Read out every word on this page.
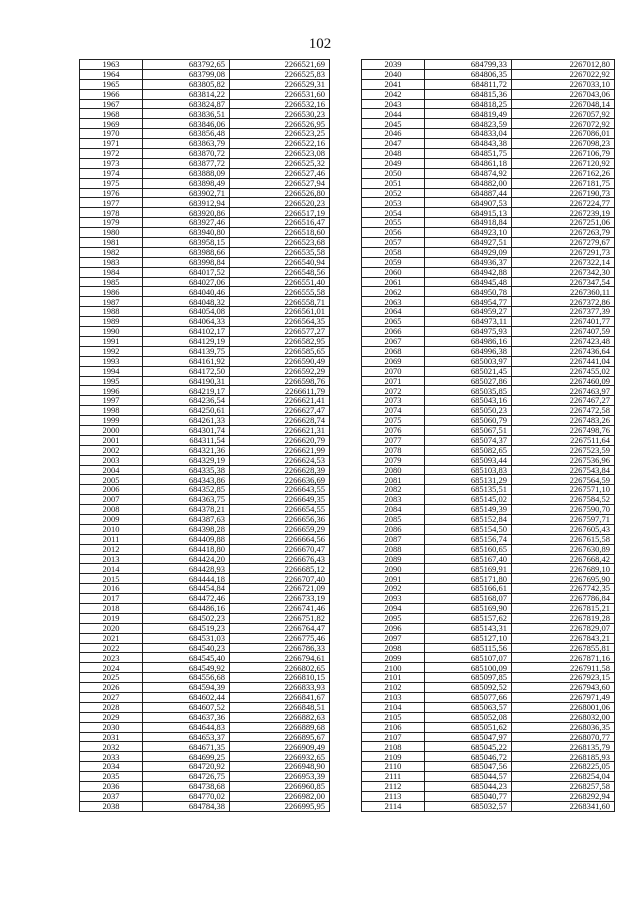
102
1963	683792,65	2266521,69
1964	683799,08	2266525,83
1965	683805,82	2266529,31
1966	683814,22	2266531,60
1967	683824,87	2266532,16
1968	683836,51	2266530,23
1969	683846,06	2266526,95
1970	683856,48	2266523,25
1971	683863,79	2266522,16
1972	683870,72	2266523,08
1973	683877,72	2266525,32
1974	683888,09	2266527,46
1975	683898,49	2266527,94
1976	683902,71	2266526,80
1977	683912,94	2266520,23
1978	683920,86	2266517,19
1979	683927,46	2266516,47
1980	683940,80	2266518,60
1981	683958,15	2266523,68
1982	683988,66	2266535,58
1983	683998,84	2266540,94
1984	684017,52	2266548,56
1985	684027,06	2266551,40
1986	684040,46	2266555,58
1987	684048,32	2266558,71
1988	684054,08	2266561,01
1989	684064,33	2266564,35
1990	684102,17	2266577,27
1991	684129,19	2266582,95
1992	684139,75	2266585,65
1993	684161,92	2266590,49
1994	684172,50	2266592,29
1995	684190,31	2266598,76
1996	684219,17	2266611,79
1997	684236,54	2266621,41
1998	684250,61	2266627,47
1999	684261,33	2266628,74
2000	684301,74	2266621,31
2001	684311,54	2266620,79
2002	684321,36	2266621,99
2003	684329,19	2266624,53
2004	684335,38	2266628,39
2005	684343,86	2266636,69
2006	684352,85	2266643,55
2007	684363,75	2266649,35
2008	684378,21	2266654,55
2009	684387,63	2266656,36
2010	684398,28	2266659,29
2011	684409,88	2266664,56
2012	684418,80	2266670,47
2013	684424,20	2266676,43
2014	684428,93	2266685,12
2015	684444,18	2266707,40
2016	684454,84	2266721,09
2017	684472,46	2266733,19
2018	684486,16	2266741,46
2019	684502,23	2266751,82
2020	684519,23	2266764,47
2021	684531,03	2266775,46
2022	684540,23	2266786,33
2023	684545,40	2266794,61
2024	684549,92	2266802,65
2025	684556,68	2266810,15
2026	684594,39	2266833,93
2027	684602,44	2266841,67
2028	684607,52	2266848,51
2029	684637,36	2266882,63
2030	684644,83	2266889,68
2031	684653,37	2266895,67
2032	684671,35	2266909,49
2033	684699,25	2266932,65
2034	684720,92	2266948,90
2035	684726,75	2266953,39
2036	684738,68	2266960,85
2037	684770,02	2266982,00
2038	684784,38	2266995,95
2039	684799,33	2267012,80
2040	684806,35	2267022,92
2041	684811,72	2267033,10
2042	684815,36	2267043,06
2043	684818,25	2267048,14
2044	684819,49	2267057,92
2045	684823,59	2267072,92
2046	684833,04	2267086,01
2047	684843,38	2267098,23
2048	684851,75	2267106,79
2049	684861,18	2267120,92
2050	684874,92	2267162,26
2051	684882,00	2267181,75
2052	684887,44	2267190,73
2053	684907,53	2267224,77
2054	684915,13	2267239,19
2055	684918,84	2267251,06
2056	684923,10	2267263,79
2057	684927,51	2267279,67
2058	684929,09	2267291,73
2059	684936,37	2267322,14
2060	684942,88	2267342,30
2061	684945,48	2267347,54
2062	684950,78	2267360,11
2063	684954,77	2267372,86
2064	684959,27	2267377,39
2065	684973,11	2267401,77
2066	684975,93	2267407,59
2067	684986,16	2267423,48
2068	684996,38	2267436,64
2069	685003,97	2267441,04
2070	685021,45	2267455,02
2071	685027,86	2267460,09
2072	685035,85	2267463,97
2073	685043,16	2267467,27
2074	685050,23	2267472,58
2075	685060,79	2267483,26
2076	685067,51	2267498,76
2077	685074,37	2267511,64
2078	685082,65	2267523,59
2079	685093,44	2267536,96
2080	685103,83	2267543,84
2081	685131,29	2267564,59
2082	685135,51	2267571,10
2083	685145,02	2267584,52
2084	685149,39	2267590,70
2085	685152,84	2267597,71
2086	685154,50	2267605,43
2087	685156,74	2267615,58
2088	685160,65	2267630,89
2089	685167,40	2267668,42
2090	685169,91	2267689,10
2091	685171,80	2267695,90
2092	685166,61	2267742,35
2093	685168,07	2267786,84
2094	685169,90	2267815,21
2095	685157,62	2267819,28
2096	685143,31	2267829,07
2097	685127,10	2267843,21
2098	685115,56	2267855,81
2099	685107,07	2267871,16
2100	685100,09	2267911,58
2101	685097,85	2267923,15
2102	685092,52	2267943,60
2103	685077,66	2267971,49
2104	685063,57	2268001,06
2105	685052,08	2268032,00
2106	685051,62	2268036,35
2107	685047,97	2268070,77
2108	685045,22	2268135,79
2109	685046,72	2268185,93
2110	685047,56	2268225,05
2111	685044,57	2268254,04
2112	685044,23	2268257,58
2113	685040,77	2268292,94
2114	685032,57	2268341,60
